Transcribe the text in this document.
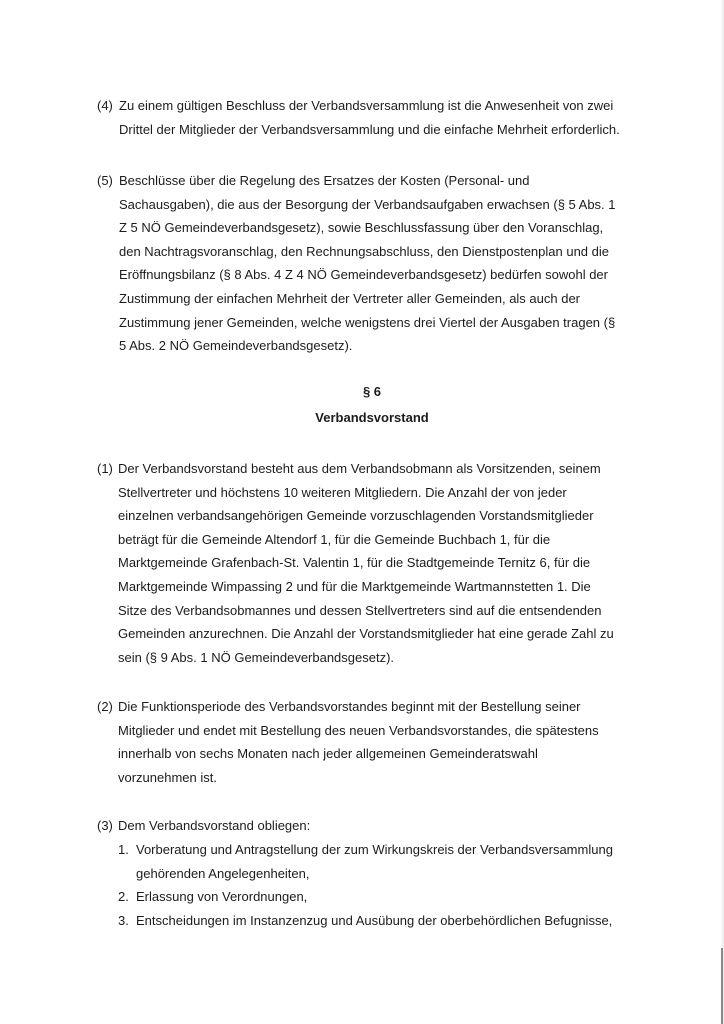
(4) Zu einem gültigen Beschluss der Verbandsversammlung ist die Anwesenheit von zwei
Drittel der Mitglieder der Verbandsversammlung und die einfache Mehrheit erforderlich.
(5) Beschlüsse über die Regelung des Ersatzes der Kosten (Personal- und
Sachausgaben), die aus der Besorgung der Verbandsaufgaben erwachsen (§ 5 Abs. 1
Z 5 NÖ Gemeindeverbandsgesetz), sowie Beschlussfassung über den Voranschlag,
den Nachtragsvoranschlag, den Rechnungsabschluss, den Dienstpostenplan und die
Eröffnungsbilanz (§ 8 Abs. 4 Z 4 NÖ Gemeindeverbandsgesetz) bedürfen sowohl der
Zustimmung der einfachen Mehrheit der Vertreter aller Gemeinden, als auch der
Zustimmung jener Gemeinden, welche wenigstens drei Viertel der Ausgaben tragen (§
5 Abs. 2 NÖ Gemeindeverbandsgesetz).
§ 6
Verbandsvorstand
(1) Der Verbandsvorstand besteht aus dem Verbandsobmann als Vorsitzenden, seinem
Stellvertreter und höchstens 10 weiteren Mitgliedern. Die Anzahl der von jeder
einzelnen verbandsangehörigen Gemeinde vorzuschlagenden Vorstandsmitglieder
beträgt für die Gemeinde Altendorf 1, für die Gemeinde Buchbach 1, für die
Marktgemeinde Grafenbach-St. Valentin 1, für die Stadtgemeinde Ternitz 6, für die
Marktgemeinde Wimpassing 2 und für die Marktgemeinde Wartmannstetten 1. Die
Sitze des Verbandsobmannes und dessen Stellvertreters sind auf die entsendenden
Gemeinden anzurechnen. Die Anzahl der Vorstandsmitglieder hat eine gerade Zahl zu
sein (§ 9 Abs. 1 NÖ Gemeindeverbandsgesetz).
(2) Die Funktionsperiode des Verbandsvorstandes beginnt mit der Bestellung seiner
Mitglieder und endet mit Bestellung des neuen Verbandsvorstandes, die spätestens
innerhalb von sechs Monaten nach jeder allgemeinen Gemeinderatswahl
vorzunehmen ist.
(3) Dem Verbandsvorstand obliegen:
1. Vorberatung und Antragstellung der zum Wirkungskreis der Verbandsversammlung
gehörenden Angelegenheiten,
2. Erlassung von Verordnungen,
3. Entscheidungen im Instanzenzug und Ausübung der oberbehördlichen Befugnisse,
